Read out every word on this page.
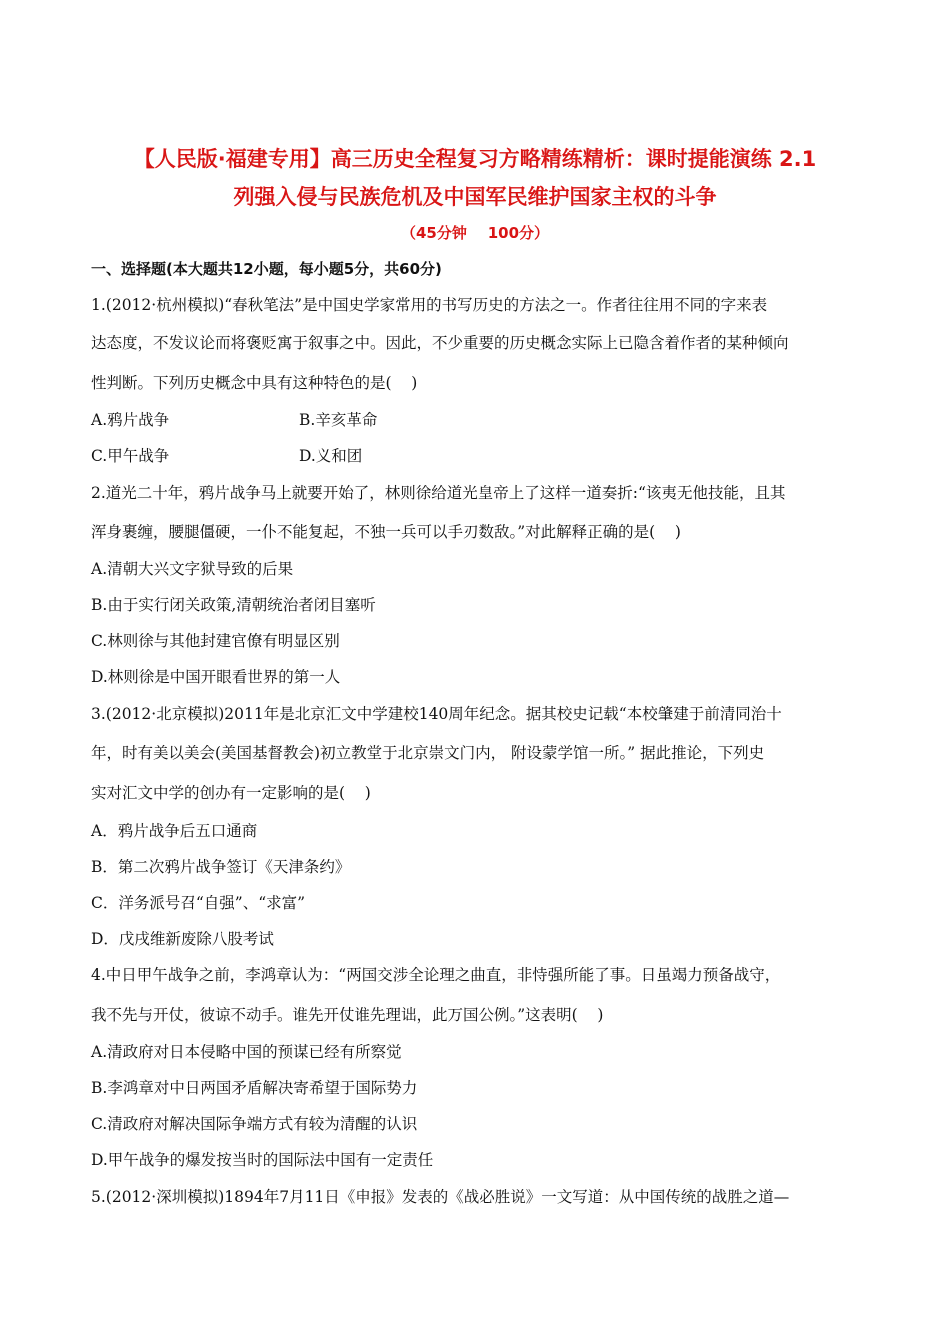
【人民版·福建专用】高三历史全程复习方略精练精析：课时提能演练 2.1
列强入侵与民族危机及中国军民维护国家主权的斗争
（45分钟    100分）
一、选择题(本大题共12小题，每小题5分，共60分)
1.(2012·杭州模拟)“春秋笔法”是中国史学家常用的书写历史的方法之一。作者往往用不同的字来表
达态度，不发议论而将褒贬寓于叙事之中。因此，不少重要的历史概念实际上已隐含着作者的某种倾向
性判断。下列历史概念中具有这种特色的是(    )
A.鸦片战争	B.辛亥革命
C.甲午战争	D.义和团
2.道光二十年，鸦片战争马上就要开始了，林则徐给道光皇帝上了这样一道奏折:“该夷无他技能，且其
浑身裹缠，腰腿僵硬，一仆不能复起，不独一兵可以手刃数敌。”对此解释正确的是(    )
A.清朝大兴文字狱导致的后果
B.由于实行闭关政策,清朝统治者闭目塞听
C.林则徐与其他封建官僚有明显区别
D.林则徐是中国开眼看世界的第一人
3.(2012·北京模拟)2011年是北京汇文中学建校140周年纪念。据其校史记载“本校肇建于前清同治十
年，时有美以美会(美国基督教会)初立教堂于北京崇文门内， 附设蒙学馆一所。” 据此推论，下列史
实对汇文中学的创办有一定影响的是(    )
A．鸦片战争后五口通商
B．第二次鸦片战争签订《天津条约》
C．洋务派号召“自强”、“求富”
D．戊戌维新废除八股考试
4.中日甲午战争之前，李鸿章认为：“两国交涉全论理之曲直，非恃强所能了事。日虽竭力预备战守，
我不先与开仗，彼谅不动手。谁先开仗谁先理诎，此万国公例。”这表明(    )
A.清政府对日本侵略中国的预谋已经有所察觉
B.李鸿章对中日两国矛盾解决寄希望于国际势力
C.清政府对解决国际争端方式有较为清醒的认识
D.甲午战争的爆发按当时的国际法中国有一定责任
5.(2012·深圳模拟)1894年7月11日《申报》发表的《战必胜说》一文写道：从中国传统的战胜之道—
